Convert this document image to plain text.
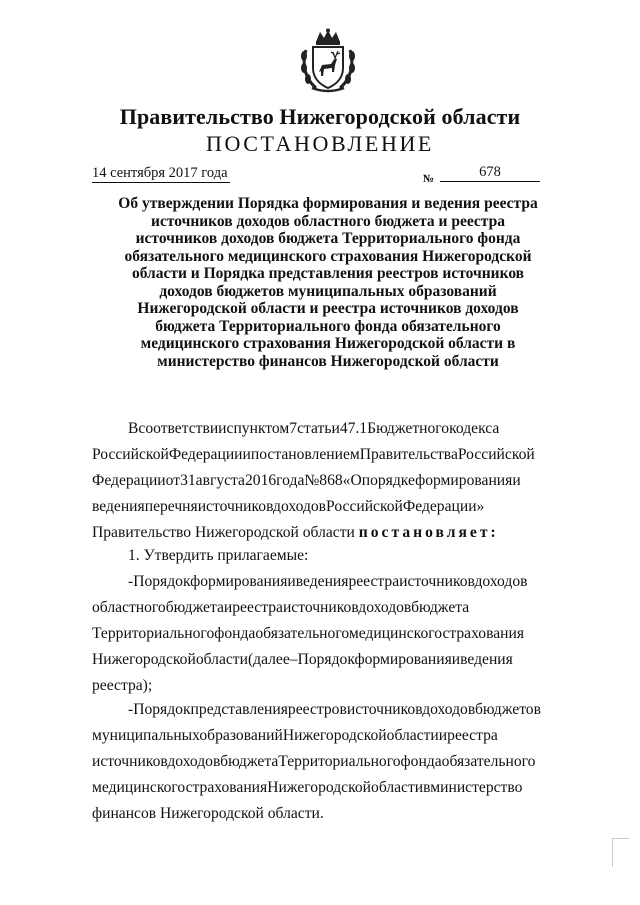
Правительство Нижегородской области
ПОСТАНОВЛЕНИЕ
14 сентября 2017 года	№	678
Об утверждении Порядка формирования и ведения реестра
источников доходов областного бюджета и реестра
источников доходов бюджета Территориального фонда
обязательного медицинского страхования Нижегородской
области и Порядка представления реестров источников
доходов бюджетов муниципальных образований
Нижегородской области и реестра источников доходов
бюджета Территориального фонда обязательного
медицинского страхования Нижегородской области в
министерство финансов Нижегородской области
Всоответствииспунктом7статьи47.1Бюджетногокодекса
РоссийскойФедерацииипостановлениемПравительстваРоссийской
Федерацииот31августа2016года№868«Опорядкеформированияи
веденияперечняисточниковдоходовРоссийскойФедерации»
Правительство Нижегородской области постановляет:
1. Утвердить прилагаемые:
-Порядокформированияиведенияреестраисточниковдоходов
областногобюджетаиреестраисточниковдоходовбюджета
Территориальногофондаобязательногомедицинскогострахования
Нижегородскойобласти(далее–Порядокформированияиведения
реестра);
-Порядокпредставленияреестровисточниковдоходовбюджетов
муниципальныхобразованийНижегородскойобластииреестра
источниковдоходовбюджетаТерриториальногофондаобязательного
медицинскогострахованияНижегородскойобластивминистерство
финансов Нижегородской области.
